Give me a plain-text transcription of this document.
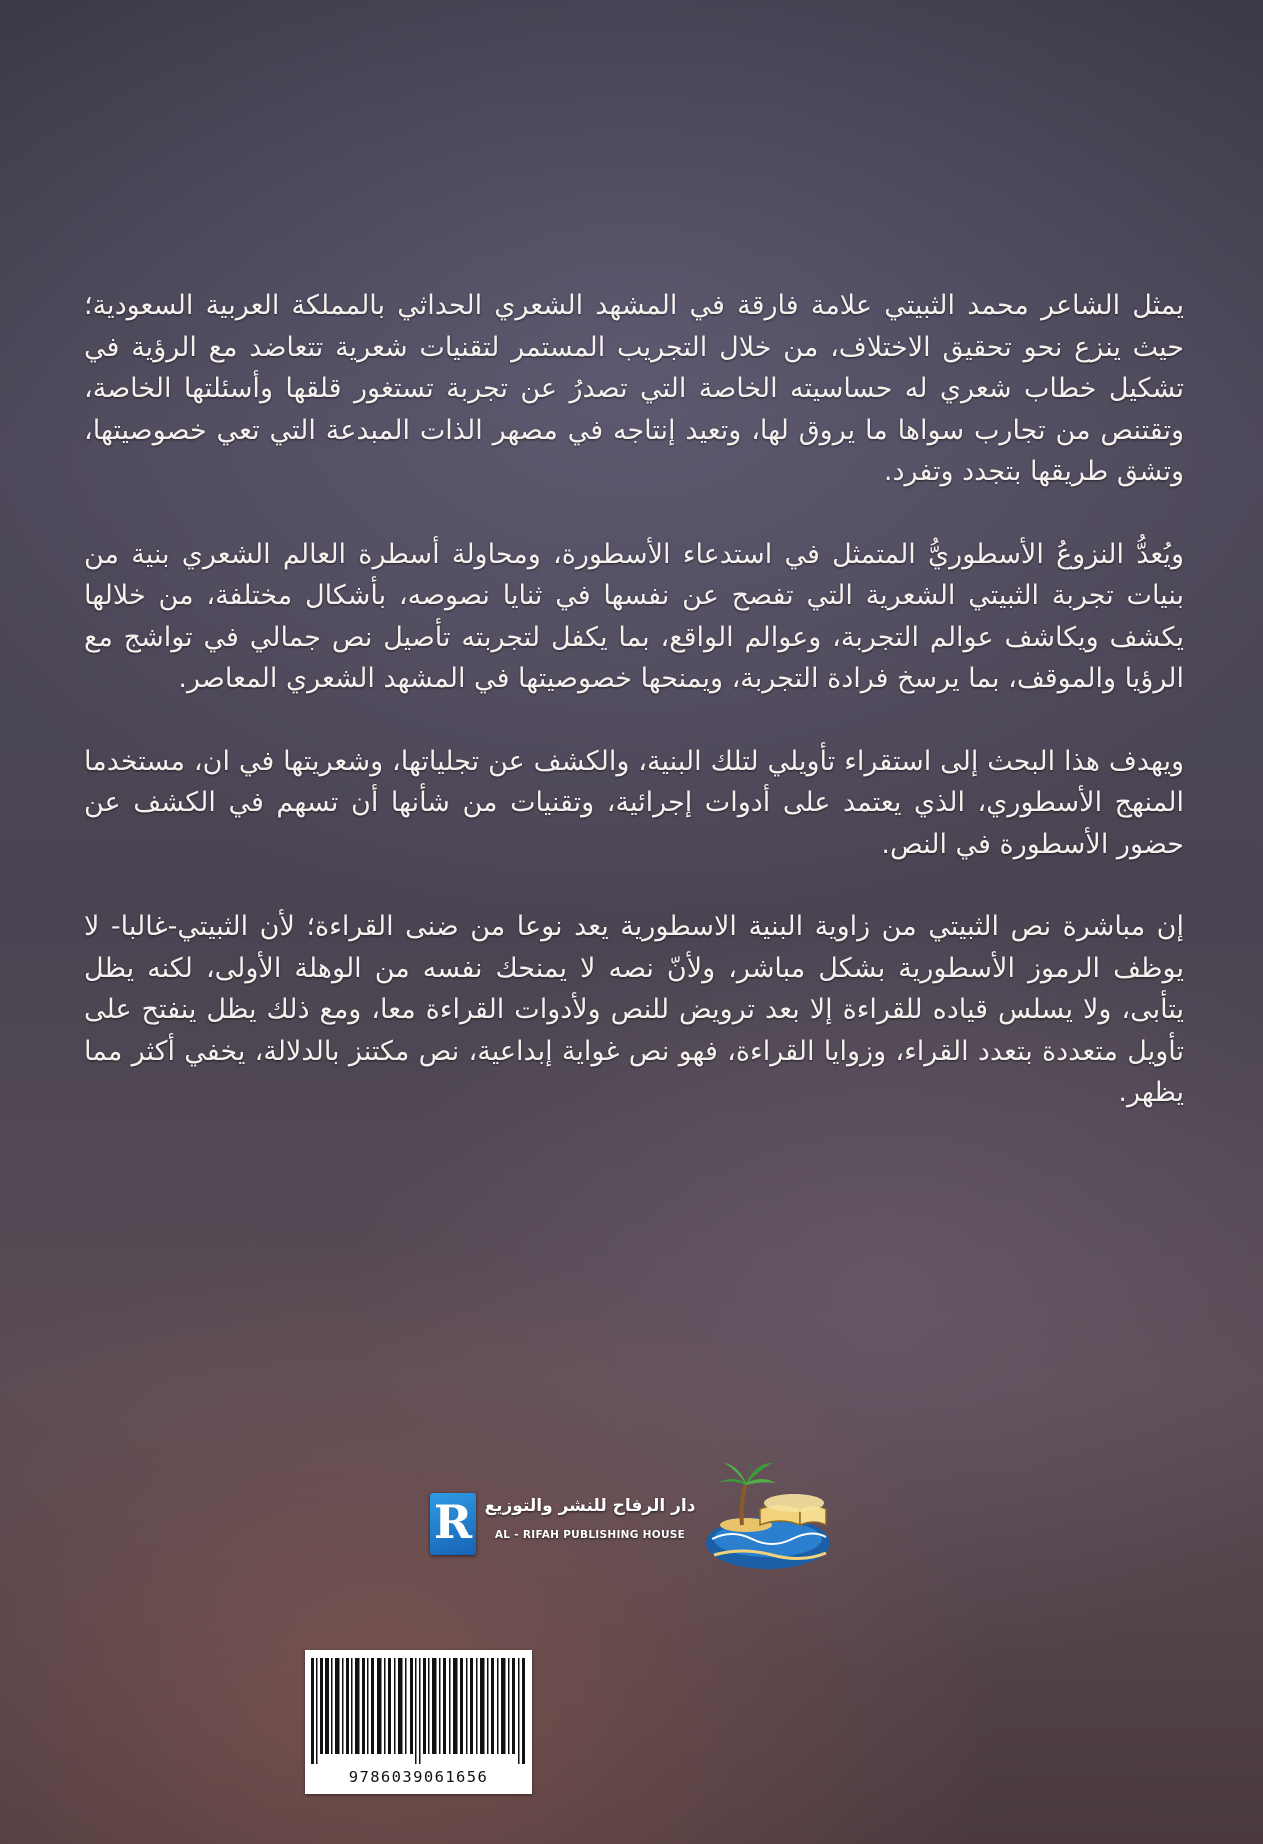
يمثل الشاعر محمد الثبيتي علامة فارقة في المشهد الشعري الحداثي بالمملكة العربية السعودية؛ حيث ينزع نحو تحقيق الاختلاف، من خلال التجريب المستمر لتقنيات شعرية تتعاضد مع الرؤية في تشكيل خطاب شعري له حساسيته الخاصة التي تصدرُ عن تجربة تستغور قلقها وأسئلتها الخاصة، وتقتنص من تجارب سواها ما يروق لها، وتعيد إنتاجه في مصهر الذات المبدعة التي تعي خصوصيتها، وتشق طريقها بتجدد وتفرد.

ويُعدُّ النزوعُ الأسطوريُّ المتمثل في استدعاء الأسطورة، ومحاولة أسطرة العالم الشعري بنية من بنيات تجربة الثبيتي الشعرية التي تفصح عن نفسها في ثنايا نصوصه، بأشكال مختلفة، من خلالها يكشف ويكاشف عوالم التجربة، وعوالم الواقع، بما يكفل لتجربته تأصيل نص جمالي في تواشج مع الرؤيا والموقف، بما يرسخ فرادة التجربة، ويمنحها خصوصيتها في المشهد الشعري المعاصر.

ويهدف هذا البحث إلى استقراء تأويلي لتلك البنية، والكشف عن تجلياتها، وشعريتها في ان، مستخدما المنهج الأسطوري، الذي يعتمد على أدوات إجرائية، وتقنيات من شأنها أن تسهم في الكشف عن حضور الأسطورة في النص.

إن مباشرة نص الثبيتي من زاوية البنية الاسطورية يعد نوعا من ضنى القراءة؛ لأن الثبيتي-غالبا- لا يوظف الرموز الأسطورية بشكل مباشر، ولأنّ نصه لا يمنحك نفسه من الوهلة الأولى، لكنه يظل يتأبى، ولا يسلس قياده للقراءة إلا بعد ترويض للنص ولأدوات القراءة معا، ومع ذلك يظل ينفتح على تأويل متعددة بتعدد القراء، وزوايا القراءة، فهو نص غواية إبداعية، نص مكتنز بالدلالة، يخفي أكثر مما يظهر.

R دار الرفاح للنشر والتوزيع
AL - RIFAH PUBLISHING HOUSE
9786039061656
